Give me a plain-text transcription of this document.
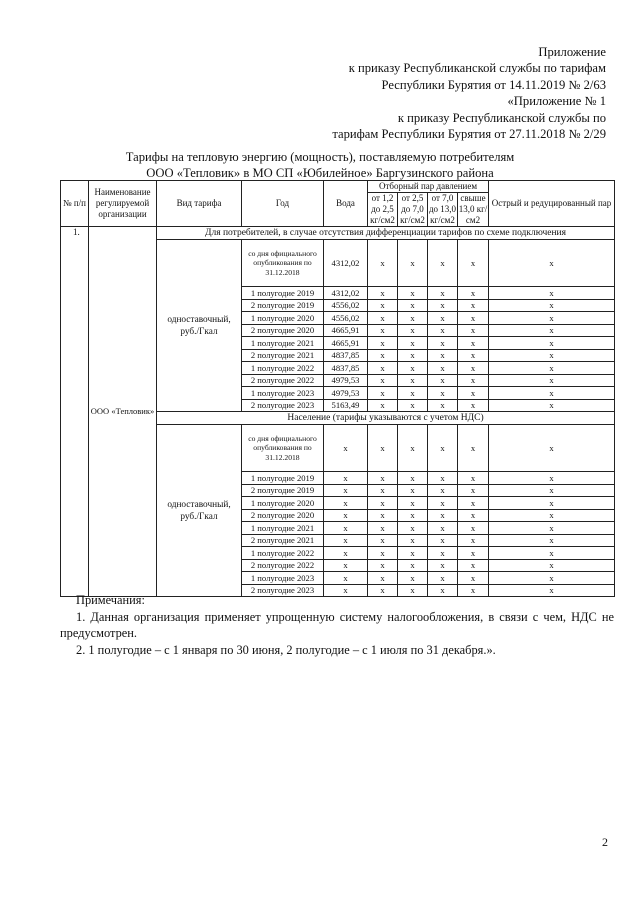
Приложение
к приказу Республиканской службы по тарифам
Республики Бурятия от 14.11.2019 № 2/63
«Приложение № 1
к приказу Республиканской службы по
тарифам Республики Бурятия от 27.11.2018 № 2/29
Тарифы на тепловую энергию (мощность), поставляемую потребителям
ООО «Тепловик» в МО СП «Юбилейное» Баргузинского района
№ п/п	Наименование регулируемой организации	Вид тарифа	Год	Вода	Отборный пар давлением				Острый и редуцированный пар
					от 1,2 до 2,5 кг/см2	от 2,5 до 7,0 кг/см2	от 7,0 до 13,0 кг/см2	свыше 13,0 кг/см2	
1.	ООО «Тепловик»	Для потребителей, в случае отсутствия дифференциации тарифов по схеме подключения							
		одноставочный, руб./Гкал	со дня официального опубликования по 31.12.2018	4312,02	х	х	х	х	х
			1 полугодие 2019	4312,02	х	х	х	х	х
			2 полугодие 2019	4556,02	х	х	х	х	х
			1 полугодие 2020	4556,02	х	х	х	х	х
			2 полугодие 2020	4665,91	х	х	х	х	х
			1 полугодие 2021	4665,91	х	х	х	х	х
			2 полугодие 2021	4837,85	х	х	х	х	х
			1 полугодие 2022	4837,85	х	х	х	х	х
			2 полугодие 2022	4979,53	х	х	х	х	х
			1 полугодие 2023	4979,53	х	х	х	х	х
			2 полугодие 2023	5163,49	х	х	х	х	х
		Население (тарифы указываются с учетом НДС)							
		одноставочный, руб./Гкал	со дня официального опубликования по 31.12.2018	х	х	х	х	х	х
			1 полугодие 2019	х	х	х	х	х	х
			2 полугодие 2019	х	х	х	х	х	х
			1 полугодие 2020	х	х	х	х	х	х
			2 полугодие 2020	х	х	х	х	х	х
			1 полугодие 2021	х	х	х	х	х	х
			2 полугодие 2021	х	х	х	х	х	х
			1 полугодие 2022	х	х	х	х	х	х
			2 полугодие 2022	х	х	х	х	х	х
			1 полугодие 2023	х	х	х	х	х	х
			2 полугодие 2023	х	х	х	х	х	х

Примечания:

1. Данная организация применяет упрощенную систему налогообложения, в связи с чем, НДС не предусмотрен.

2. 1 полугодие – с 1 января по 30 июня, 2 полугодие – с 1 июля по 31 декабря.».

2
